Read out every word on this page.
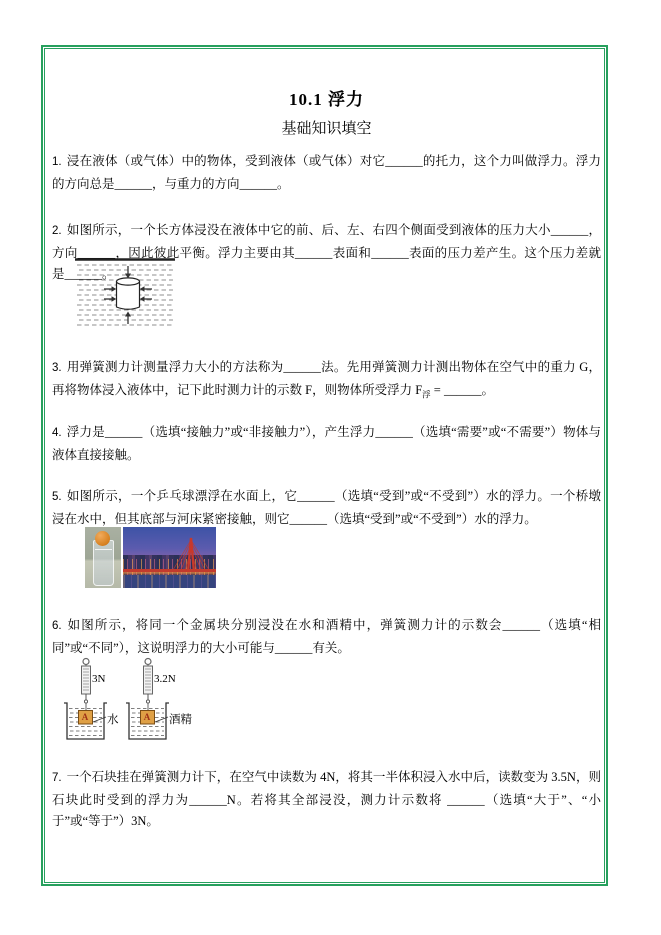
10.1 浮力
基础知识填空
1. 浸在液体（或气体）中的物体，受到液体（或气体）对它______的托力，这个力叫做浮力。浮力的方向总是______，与重力的方向______。
2. 如图所示，一个长方体浸没在液体中它的前、后、左、右四个侧面受到液体的压力大小______，方向______，因此彼此平衡。浮力主要由其______表面和______表面的压力差产生。这个压力差就是______。
3. 用弹簧测力计测量浮力大小的方法称为______法。先用弹簧测力计测出物体在空气中的重力 G，再将物体浸入液体中，记下此时测力计的示数 F，则物体所受浮力 $F_浮$ = ______。
4. 浮力是______（选填“接触力”或“非接触力”），产生浮力______（选填“需要”或“不需要”）物体与液体直接接触。
5. 如图所示，一个乒乓球漂浮在水面上，它______（选填“受到”或“不受到”）水的浮力。一个桥墩浸在水中，但其底部与河床紧密接触，则它______（选填“受到”或“不受到”）水的浮力。
6. 如图所示，将同一个金属块分别浸没在水和酒精中，弹簧测力计的示数会______（选填“相同”或“不同”），这说明浮力的大小可能与______有关。
3N	3.2N
A	A
水	酒精
7. 一个石块挂在弹簧测力计下，在空气中读数为 4N，将其一半体积浸入水中后，读数变为 3.5N，则石块此时受到的浮力为______N。若将其全部浸没，测力计示数将 ______（选填“大于”、“小于”或“等于”）3N。
